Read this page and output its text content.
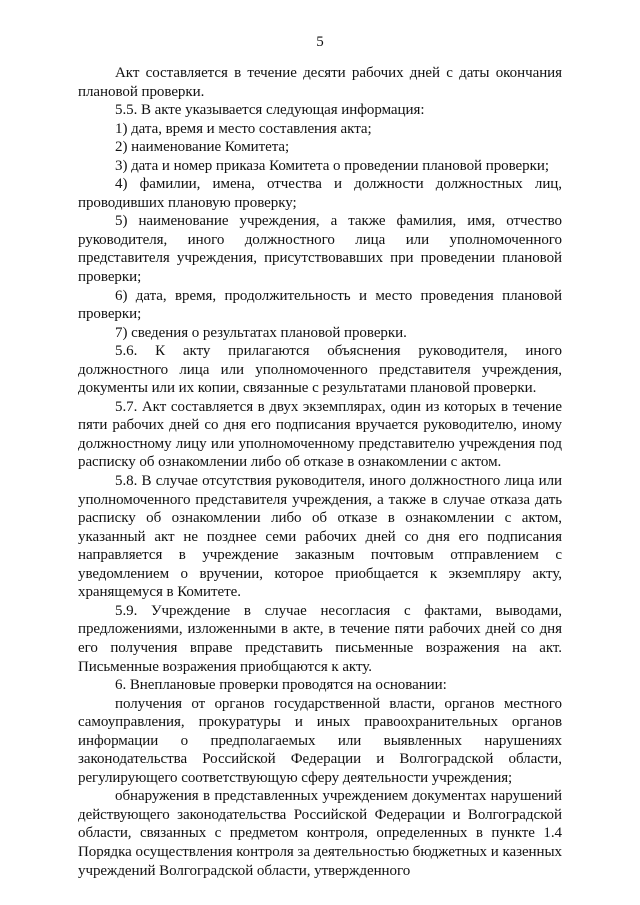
5

Акт составляется в течение десяти рабочих дней с даты окончания плановой проверки.

5.5. В акте указывается следующая информация:

1) дата, время и место составления акта;

2) наименование Комитета;

3) дата и номер приказа Комитета о проведении плановой проверки;

4) фамилии, имена, отчества и должности должностных лиц, проводивших плановую проверку;

5) наименование учреждения, а также фамилия, имя, отчество руководителя, иного должностного лица или уполномоченного представителя учреждения, присутствовавших при проведении плановой проверки;

6) дата, время, продолжительность и место проведения плановой проверки;

7) сведения о результатах плановой проверки.

5.6. К акту прилагаются объяснения руководителя, иного должностного лица или уполномоченного представителя учреждения, документы или их копии, связанные с результатами плановой проверки.

5.7. Акт составляется в двух экземплярах, один из которых в течение пяти рабочих дней со дня его подписания вручается руководителю, иному должностному лицу или уполномоченному представителю учреждения под расписку об ознакомлении либо об отказе в ознакомлении с актом.

5.8. В случае отсутствия руководителя, иного должностного лица или уполномоченного представителя учреждения, а также в случае отказа дать расписку об ознакомлении либо об отказе в ознакомлении с актом, указанный акт не позднее семи рабочих дней со дня его подписания направляется в учреждение заказным почтовым отправлением с уведомлением о вручении, которое приобщается к экземпляру акту, хранящемуся в Комитете.

5.9. Учреждение в случае несогласия с фактами, выводами, предложениями, изложенными в акте, в течение пяти рабочих дней со дня его получения вправе представить письменные возражения на акт. Письменные возражения приобщаются к акту.

6. Внеплановые проверки проводятся на основании:

получения от органов государственной власти, органов местного самоуправления, прокуратуры и иных правоохранительных органов информации о предполагаемых или выявленных нарушениях законодательства Российской Федерации и Волгоградской области, регулирующего соответствующую сферу деятельности учреждения;

обнаружения в представленных учреждением документах нарушений действующего законодательства Российской Федерации и Волгоградской области, связанных с предметом контроля, определенных в пункте 1.4 Порядка осуществления контроля за деятельностью бюджетных и казенных учреждений Волгоградской области, утвержденного
